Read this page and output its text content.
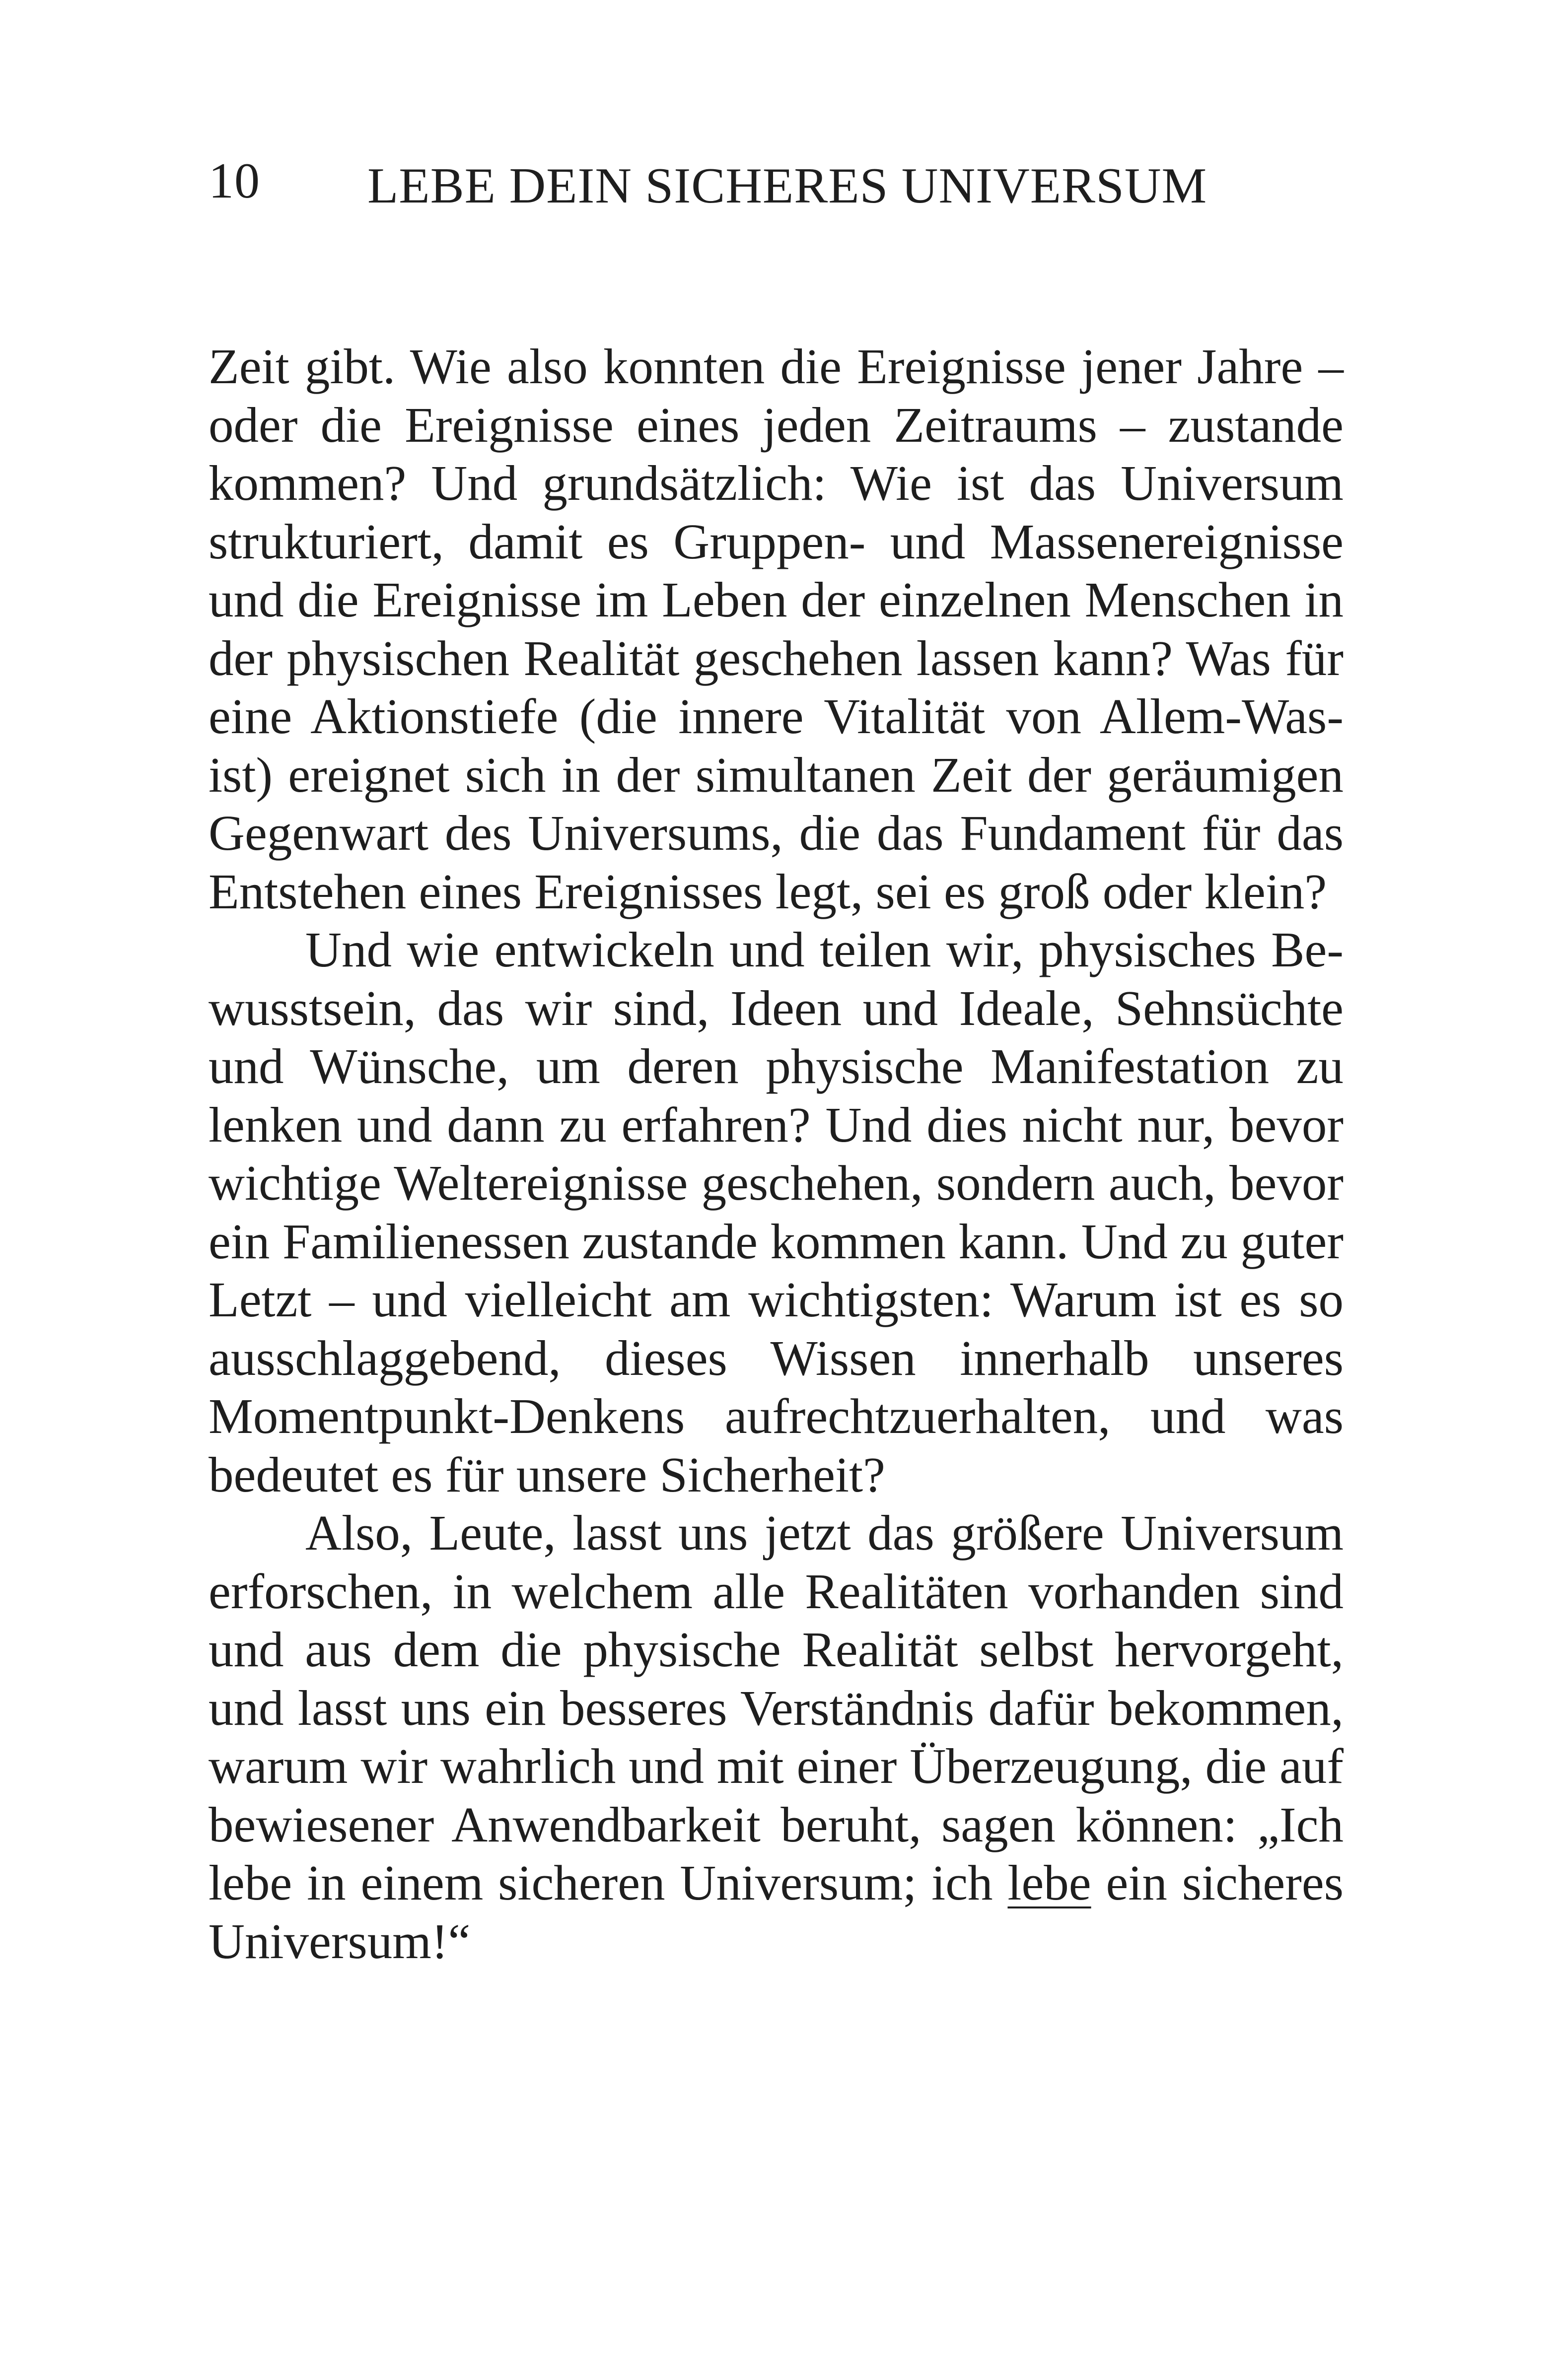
10 LEBE DEIN SICHERES UNIVERSUM

Zeit gibt. Wie also konnten die Ereignisse jener Jahre – oder die Ereignisse eines jeden Zeitraums – zustande kommen? Und grundsätzlich: Wie ist das Universum strukturiert, damit es Gruppen- und Massenereignisse und die Ereignisse im Leben der einzelnen Menschen in der physischen Realität geschehen lassen kann? Was für eine Aktionstiefe (die innere Vitalität von Allem-Was-ist) ereignet sich in der simultanen Zeit der geräumigen Gegenwart des Universums, die das Fundament für das Entstehen eines Ereignisses legt, sei es groß oder klein?

Und wie entwickeln und teilen wir, physisches Bewusstsein, das wir sind, Ideen und Ideale, Sehnsüchte und Wünsche, um deren physische Manifestation zu lenken und dann zu erfahren? Und dies nicht nur, bevor wichtige Weltereignisse geschehen, sondern auch, bevor ein Familienessen zustande kommen kann. Und zu guter Letzt – und vielleicht am wichtigsten: Warum ist es so ausschlaggebend, dieses Wissen innerhalb unseres Momentpunkt-Denkens aufrechtzuerhalten, und was bedeutet es für unsere Sicherheit?

Also, Leute, lasst uns jetzt das größere Universum erforschen, in welchem alle Realitäten vorhanden sind und aus dem die physische Realität selbst hervorgeht, und lasst uns ein besseres Verständnis dafür bekommen, warum wir wahrlich und mit einer Überzeugung, die auf bewiesener Anwendbarkeit beruht, sagen können: „Ich lebe in einem sicheren Universum; ich lebe ein sicheres Universum!“
